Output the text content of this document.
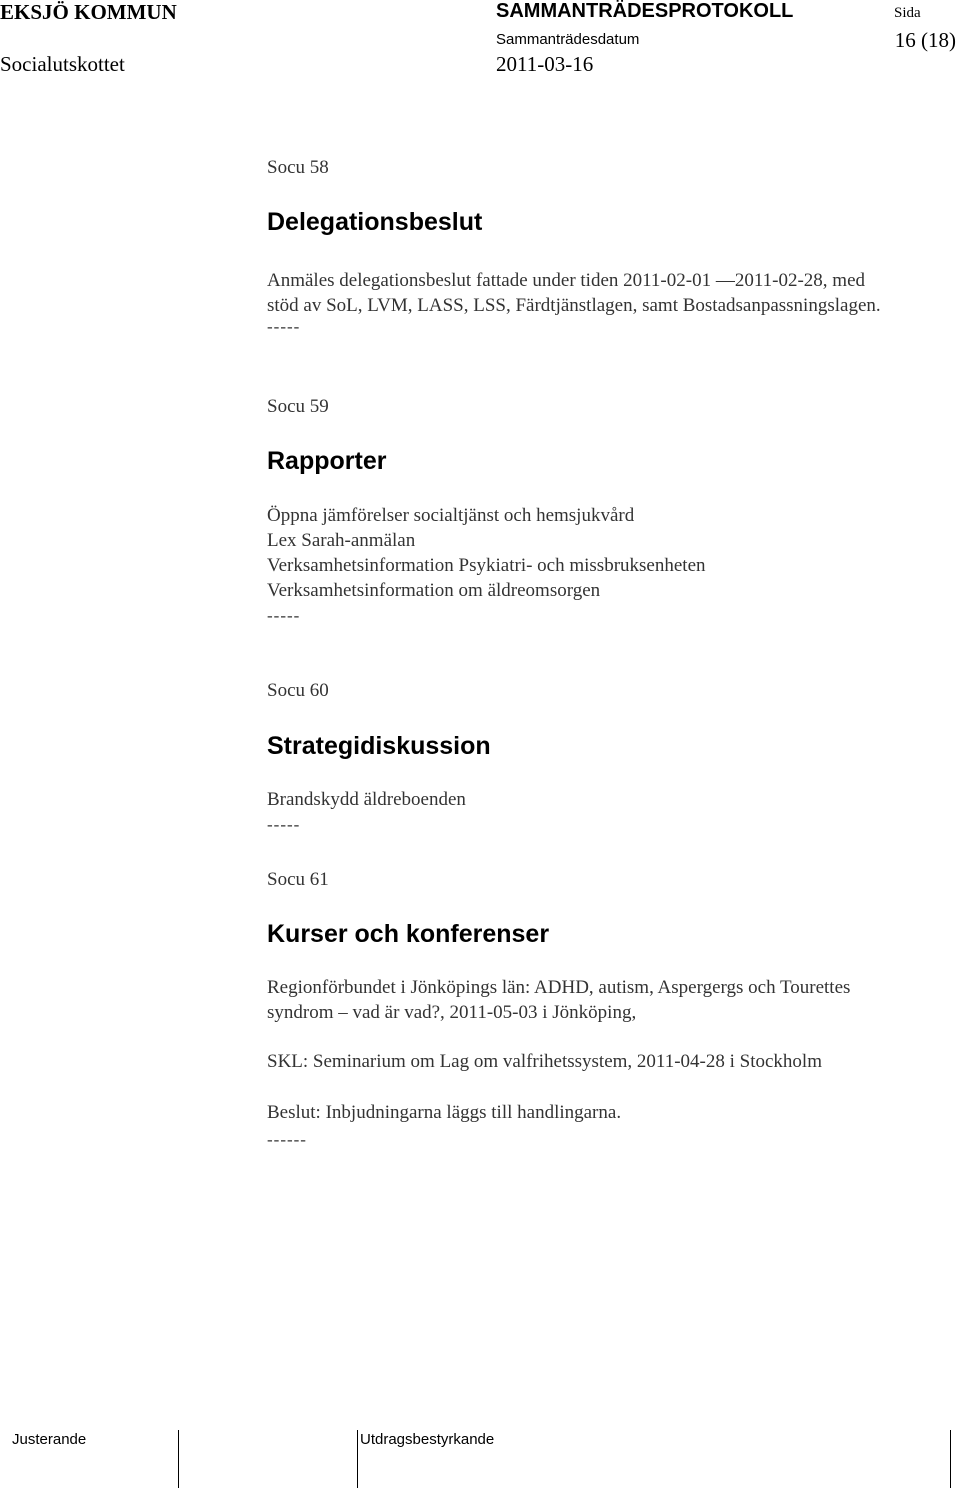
EKSJÖ KOMMUN	SAMMANTRÄDESPROTOKOLL	Sida
16 (18)
Socialutskottet
Sammanträdesdatum
2011-03-16
Socu 58
Delegationsbeslut
Anmäles delegationsbeslut fattade under tiden 2011-02-01 ―2011-02-28, med
stöd av SoL, LVM, LASS, LSS, Färdtjänstlagen, samt Bostadsanpassningslagen.
-----
Socu 59
Rapporter
Öppna jämförelser socialtjänst och hemsjukvård
Lex Sarah-anmälan
Verksamhetsinformation Psykiatri- och missbruksenheten
Verksamhetsinformation om äldreomsorgen
-----
Socu 60
Strategidiskussion
Brandskydd äldreboenden
-----
Socu 61
Kurser och konferenser
Regionförbundet i Jönköpings län: ADHD, autism, Aspergergs och Tourettes
syndrom – vad är vad?, 2011-05-03 i Jönköping,
SKL: Seminarium om Lag om valfrihetssystem, 2011-04-28 i Stockholm
Beslut: Inbjudningarna läggs till handlingarna.
------
Justerande	Utdragsbestyrkande
